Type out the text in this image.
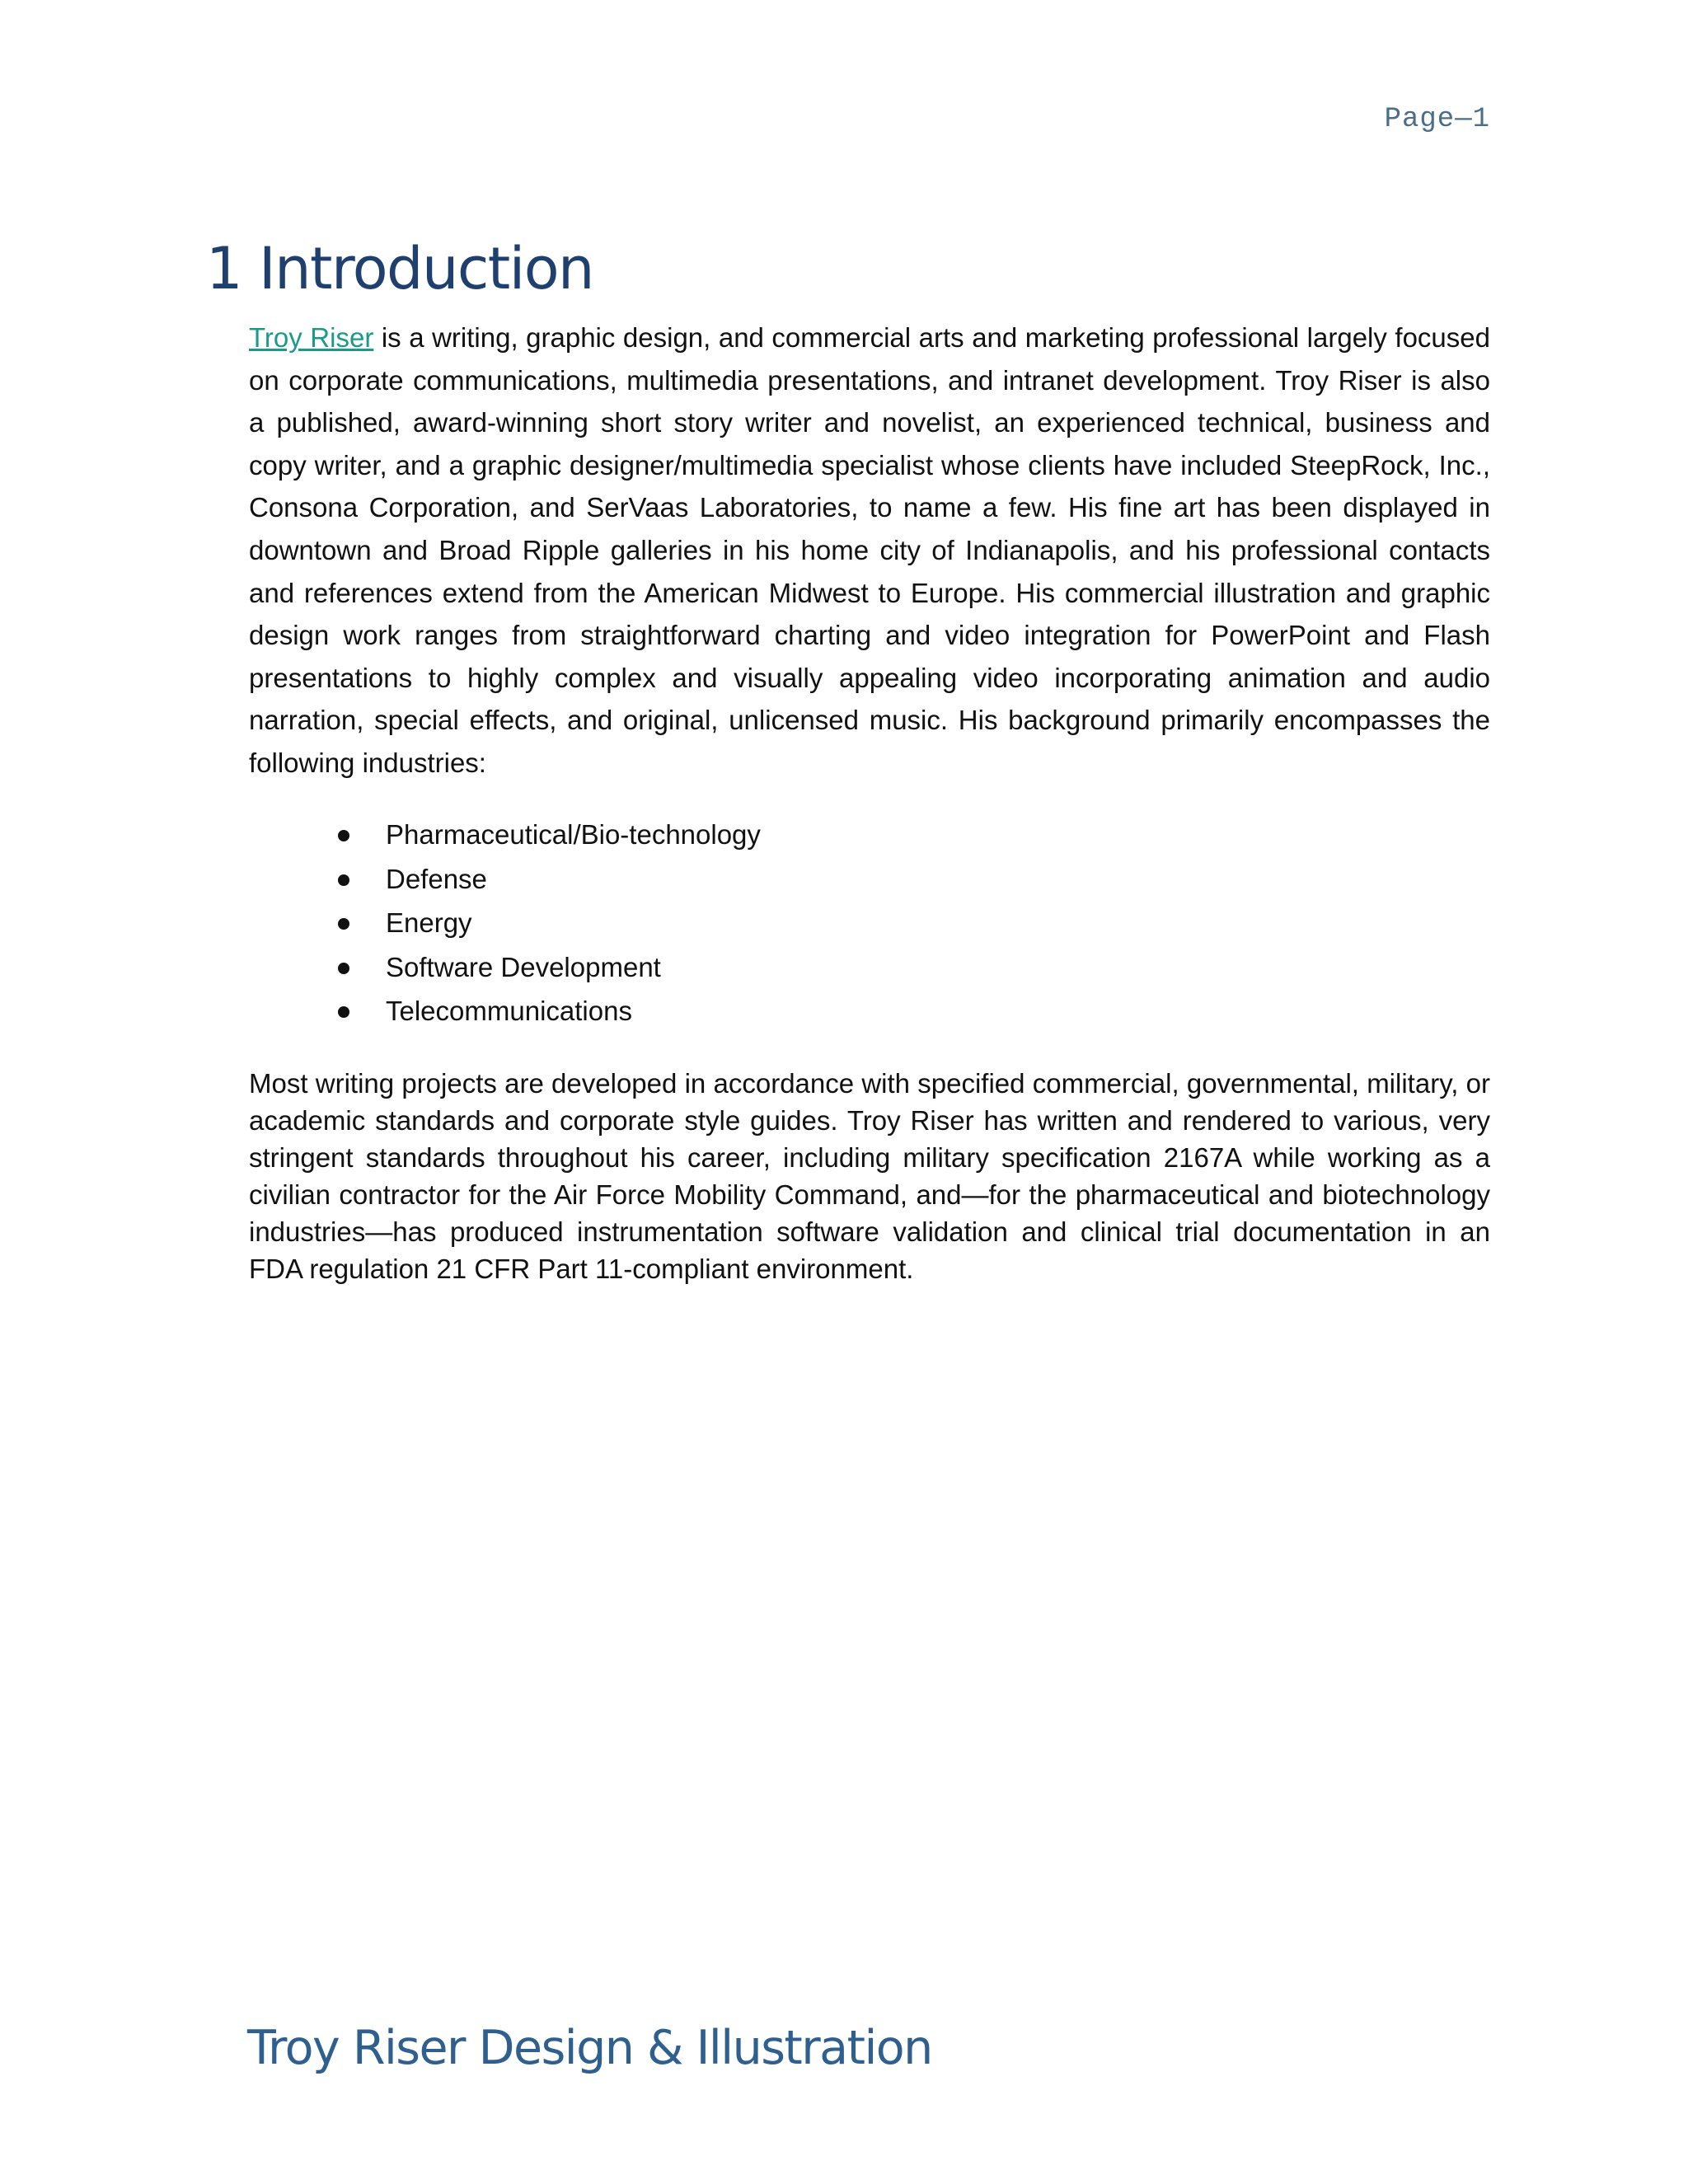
Page—1
1 Introduction

Troy Riser is a writing, graphic design, and commercial arts and marketing professional largely focused on corporate communications, multimedia presentations, and intranet development. Troy Riser is also a published, award-winning short story writer and novelist, an experienced technical, business and copy writer, and a graphic designer/multimedia specialist whose clients have included SteepRock, Inc., Consona Corporation, and SerVaas Laboratories, to name a few. His fine art has been displayed in downtown and Broad Ripple galleries in his home city of Indianapolis, and his professional contacts and references extend from the American Midwest to Europe. His commercial illustration and graphic design work ranges from straightforward charting and video integration for PowerPoint and Flash presentations to highly complex and visually appealing video incorporating animation and audio narration, special effects, and original, unlicensed music. His background primarily encompasses the following industries:

Pharmaceutical/Bio-technology
Defense
Energy
Software Development
Telecommunications

Most writing projects are developed in accordance with specified commercial, governmental, military, or academic standards and corporate style guides. Troy Riser has written and rendered to various, very stringent standards throughout his career, including military specification 2167A while working as a civilian contractor for the Air Force Mobility Command, and—for the pharmaceutical and biotechnology industries—has produced instrumentation software validation and clinical trial documentation in an FDA regulation 21 CFR Part 11-compliant environment.

Troy Riser Design & Illustration
